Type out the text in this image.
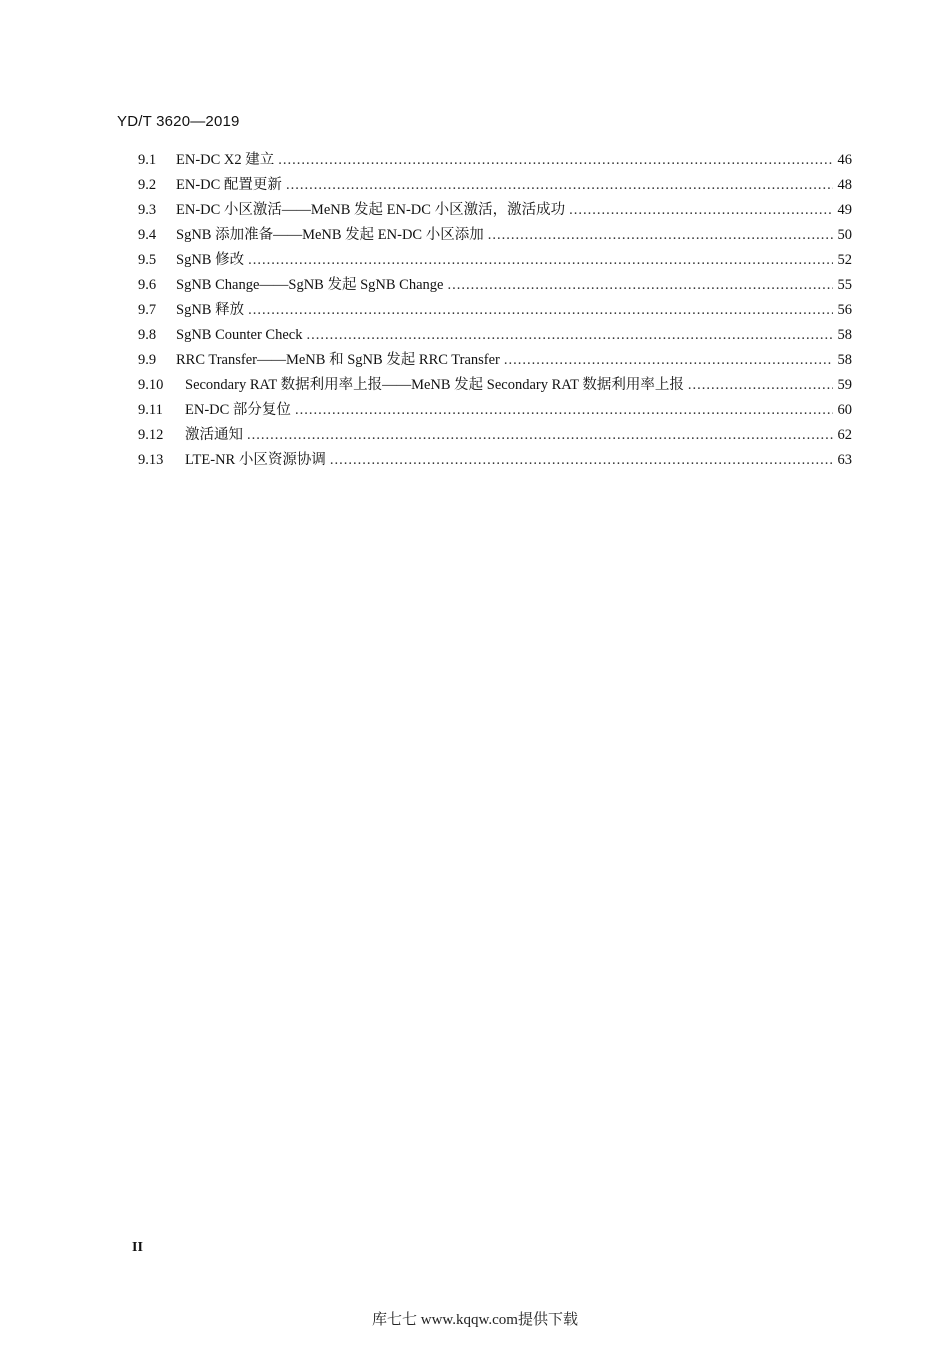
YD/T 3620—2019
9.1	EN-DC X2 建立 .....	46
9.2	EN-DC 配置更新 .....	48
9.3	EN-DC 小区激活——MeNB 发起 EN-DC 小区激活，激活成功 .....	49
9.4	SgNB 添加准备——MeNB 发起 EN-DC 小区添加 .....	50
9.5	SgNB 修改 .....	52
9.6	SgNB Change——SgNB 发起 SgNB Change .....	55
9.7	SgNB 释放 .....	56
9.8	SgNB Counter Check .....	58
9.9	RRC Transfer——MeNB 和 SgNB 发起 RRC Transfer .....	58
9.10	Secondary RAT 数据利用率上报——MeNB 发起 Secondary RAT 数据利用率上报 .....	59
9.11	EN-DC 部分复位 .....	60
9.12	激活通知 .....	62
9.13	LTE-NR 小区资源协调 .....	63
II
库七七 www.kqqw.com提供下载
